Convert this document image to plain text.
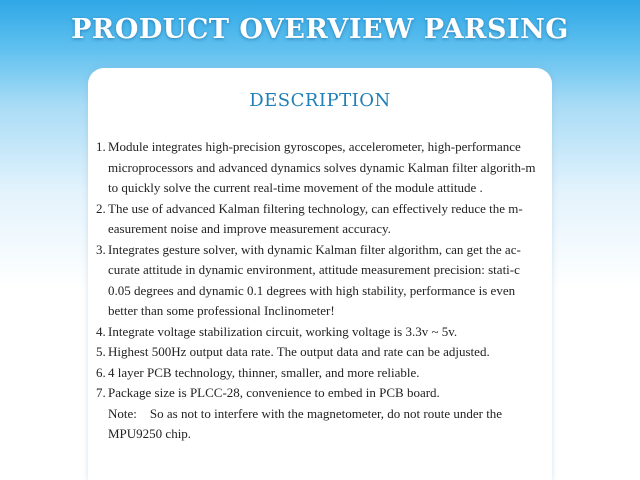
PRODUCT OVERVIEW PARSING
DESCRIPTION
1. Module integrates high-precision gyroscopes, accelerometer, high-performance microprocessors and advanced dynamics solves dynamic Kalman filter algorith-m to quickly solve the current real-time movement of the module attitude .
2. The use of advanced Kalman filtering technology, can effectively reduce the m-easurement noise and improve measurement accuracy.
3. Integrates gesture solver, with dynamic Kalman filter algorithm, can get the ac-curate attitude in dynamic environment, attitude measurement precision: stati-c 0.05 degrees and dynamic 0.1 degrees with high stability, performance is even better than some professional Inclinometer!
4. Integrate voltage stabilization circuit, working voltage is 3.3v ~ 5v.
5. Highest 500Hz output data rate. The output data and rate can be adjusted.
6. 4 layer PCB technology, thinner, smaller, and more reliable.
7. Package size is PLCC-28, convenience to embed in PCB board.
Note: So as not to interfere with the magnetometer, do not route under the MPU9250 chip.
